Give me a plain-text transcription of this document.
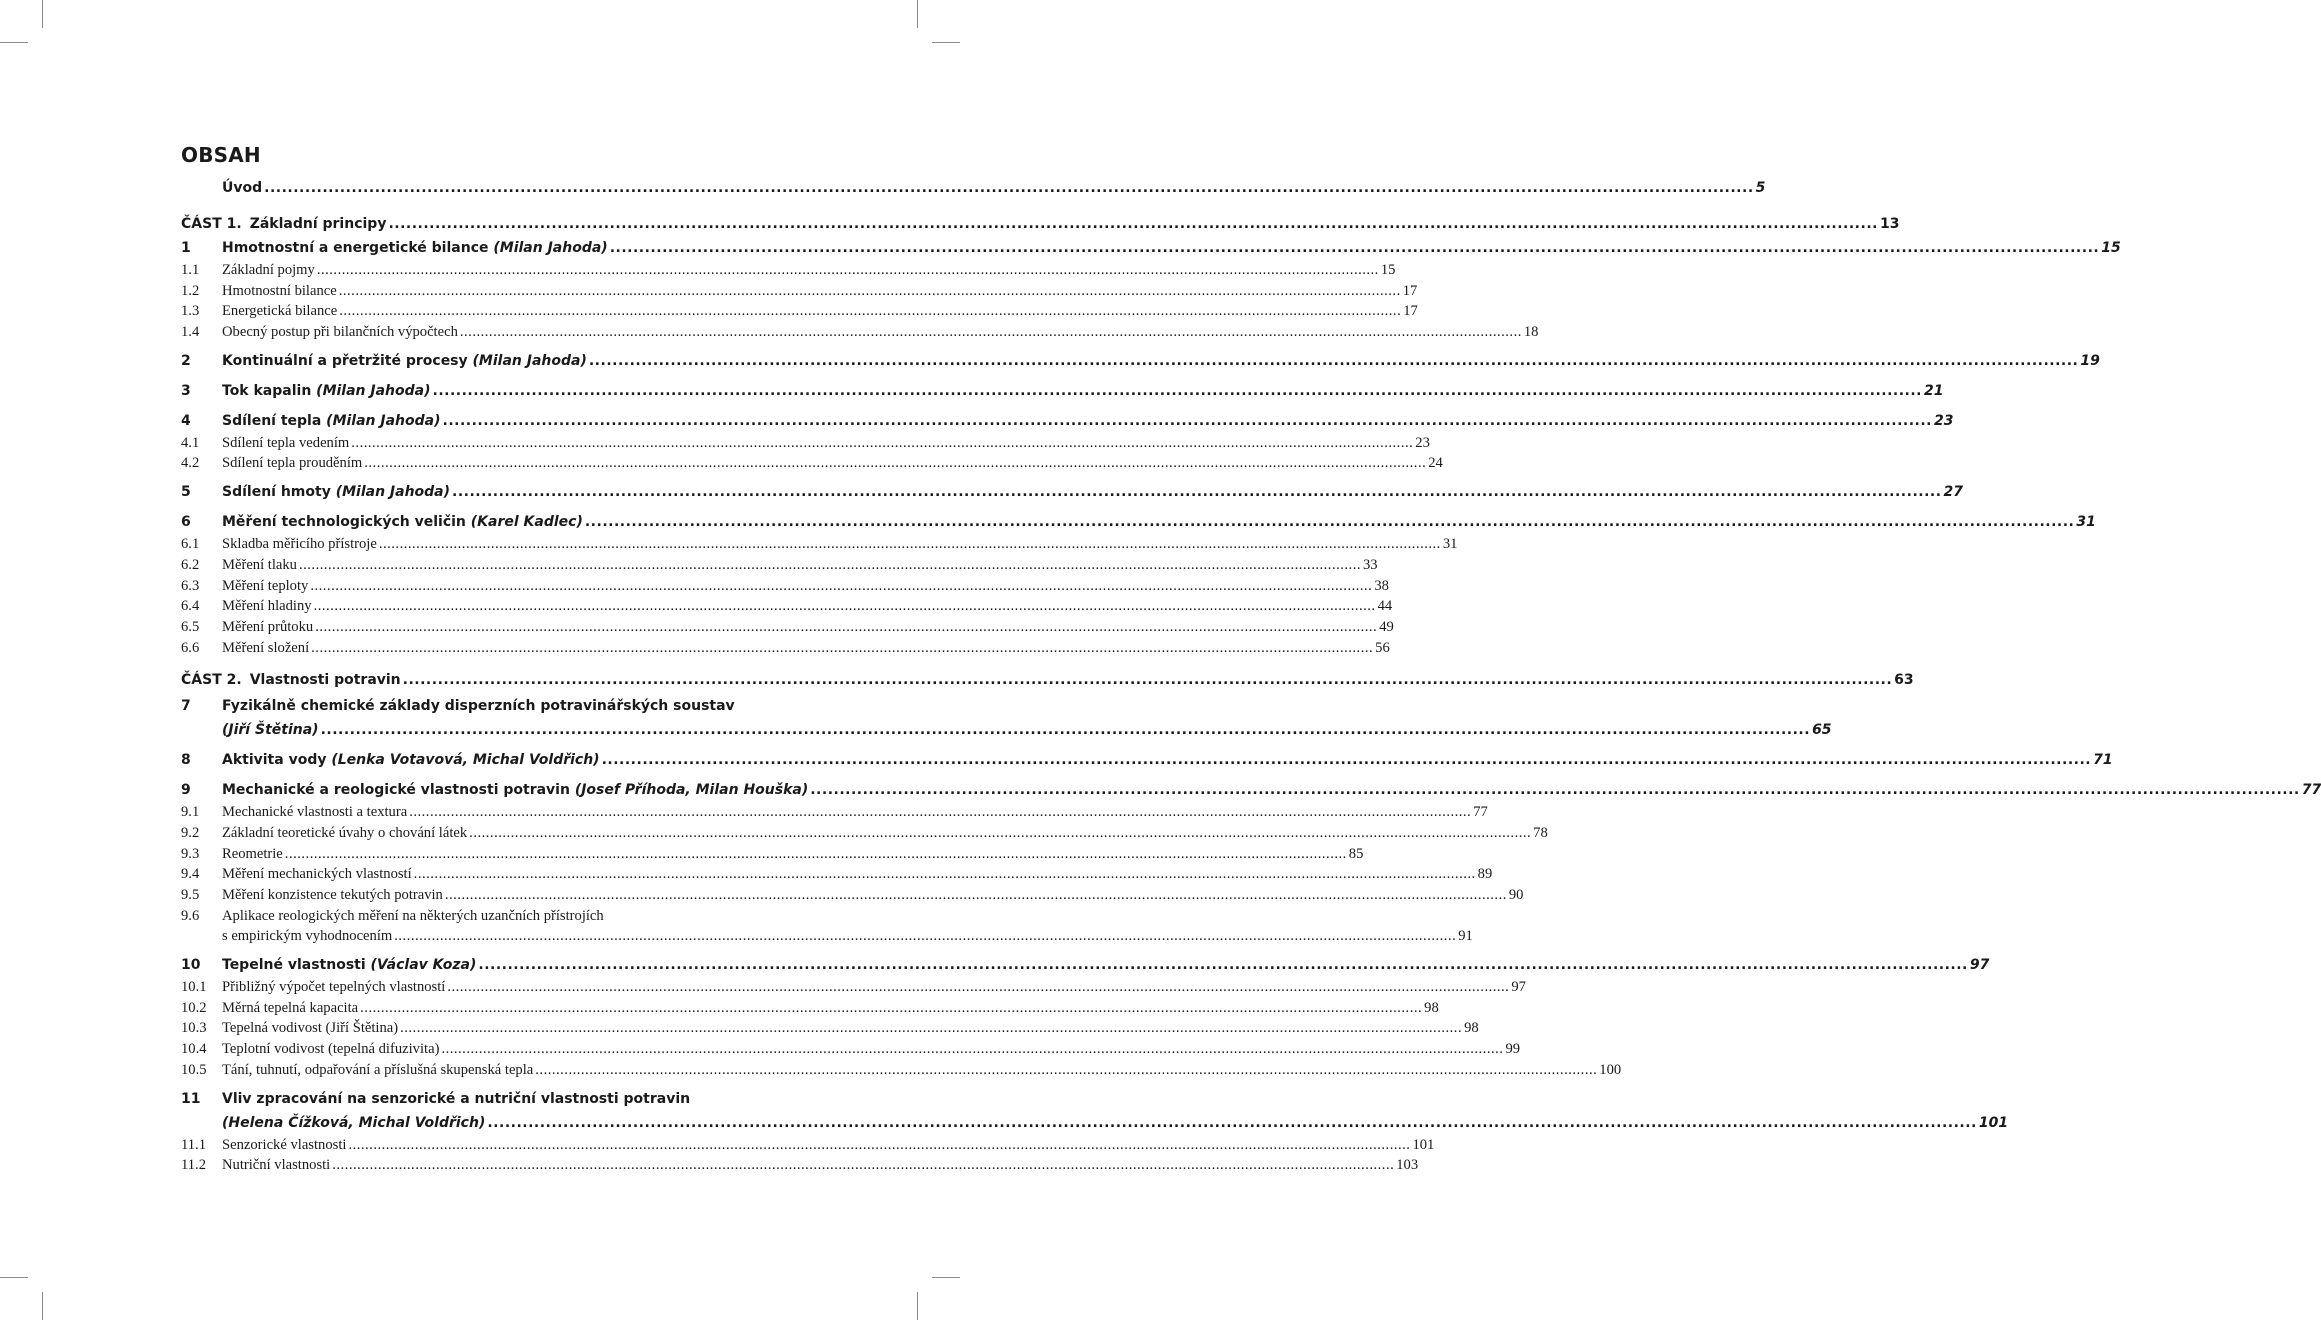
OBSAH
Úvod .....	5
ČÁST 1. Základní principy .....	13
1	Hmotnostní a energetické bilance (Milan Jahoda) .....	15
1.1	Základní pojmy .....	15
1.2	Hmotnostní bilance .....	17
1.3	Energetická bilance .....	17
1.4	Obecný postup při bilančních výpočtech .....	18
2	Kontinuální a přetržité procesy (Milan Jahoda) .....	19
3	Tok kapalin (Milan Jahoda) .....	21
4	Sdílení tepla (Milan Jahoda) .....	23
4.1	Sdílení tepla vedením .....	23
4.2	Sdílení tepla prouděním .....	24
5	Sdílení hmoty (Milan Jahoda) .....	27
6	Měření technologických veličin (Karel Kadlec) .....	31
6.1	Skladba měřicího přístroje .....	31
6.2	Měření tlaku .....	33
6.3	Měření teploty .....	38
6.4	Měření hladiny .....	44
6.5	Měření průtoku .....	49
6.6	Měření složení .....	56
ČÁST 2. Vlastnosti potravin .....	63
7	Fyzikálně chemické základy disperzních potravinářských soustav
(Jiří Štětina) .....	65
8	Aktivita vody (Lenka Votavová, Michal Voldřich) .....	71
9	Mechanické a reologické vlastnosti potravin (Josef Příhoda, Milan Houška) .....	77
9.1	Mechanické vlastnosti a textura .....	77
9.2	Základní teoretické úvahy o chování látek .....	78
9.3	Reometrie .....	85
9.4	Měření mechanických vlastností .....	89
9.5	Měření konzistence tekutých potravin .....	90
9.6	Aplikace reologických měření na některých uzančních přístrojích
s empirickým vyhodnocením .....	91
10	Tepelné vlastnosti (Václav Koza) .....	97
10.1	Přibližný výpočet tepelných vlastností .....	97
10.2	Měrná tepelná kapacita .....	98
10.3	Tepelná vodivost (Jiří Štětina) .....	98
10.4	Teplotní vodivost (tepelná difuzivita) .....	99
10.5	Tání, tuhnutí, odpařování a příslušná skupenská tepla .....	100
11	Vliv zpracování na senzorické a nutriční vlastnosti potravin
(Helena Čížková, Michal Voldřich) .....	101
11.1	Senzorické vlastnosti .....	101
11.2	Nutriční vlastnosti .....	103
